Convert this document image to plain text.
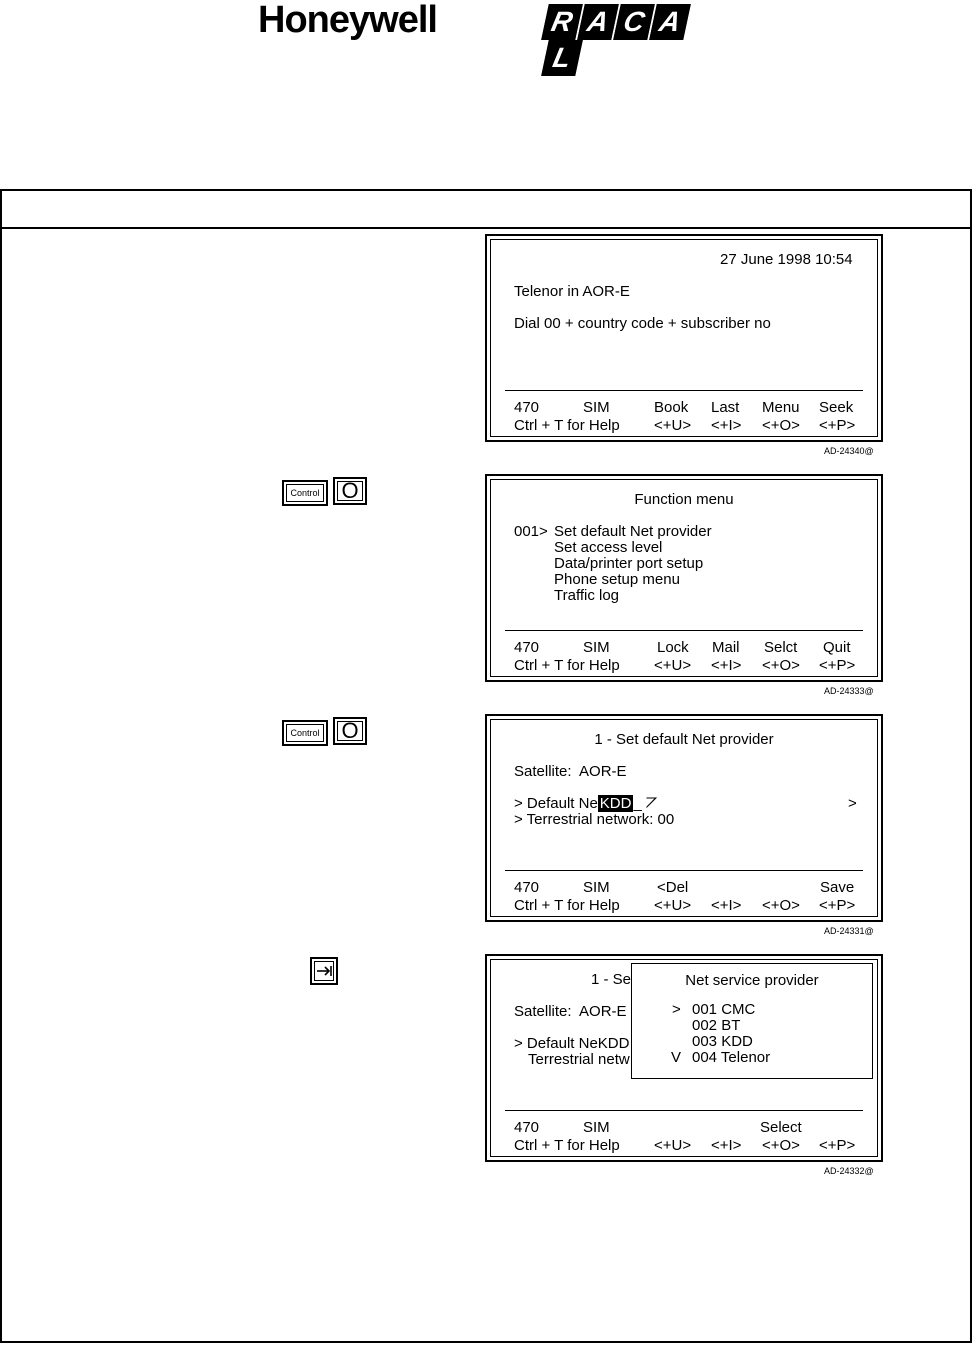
Honeywell	R A C AL
27 June 1998 10:54
Telenor in AOR-E
Dial 00 + country code + subscriber no
470	SIM	Book Last Menu Seek
Ctrl + T for Help <+U> <+I> <+O> <+P>
AD-24340@
Control O	Function menu
001> Set default Net provider
Set access level
Data/printer port setup
Phone setup menu
Traffic log
470	SIM	Lock Mail Selct Quit
Ctrl + T for Help <+U> <+I> <+O> <+P>
AD-24333@
Control O	1 - Set default Net provider
Satellite:  AOR-E
> Default Ne KDD _ ⦢	>
> Terrestrial network: 00
470	SIM	<Del	Save
Ctrl + T for Help <+U> <+I> <+O> <+P>
AD-24331@
1 - Se
Satellite:  AOR-E
> Default NeKDD
Terrestrial netw
Net service provider
> 001 CMC
002 BT
003 KDD
V 004 Telenor
470	SIM	Select
Ctrl + T for Help <+U> <+I> <+O> <+P>
AD-24332@
